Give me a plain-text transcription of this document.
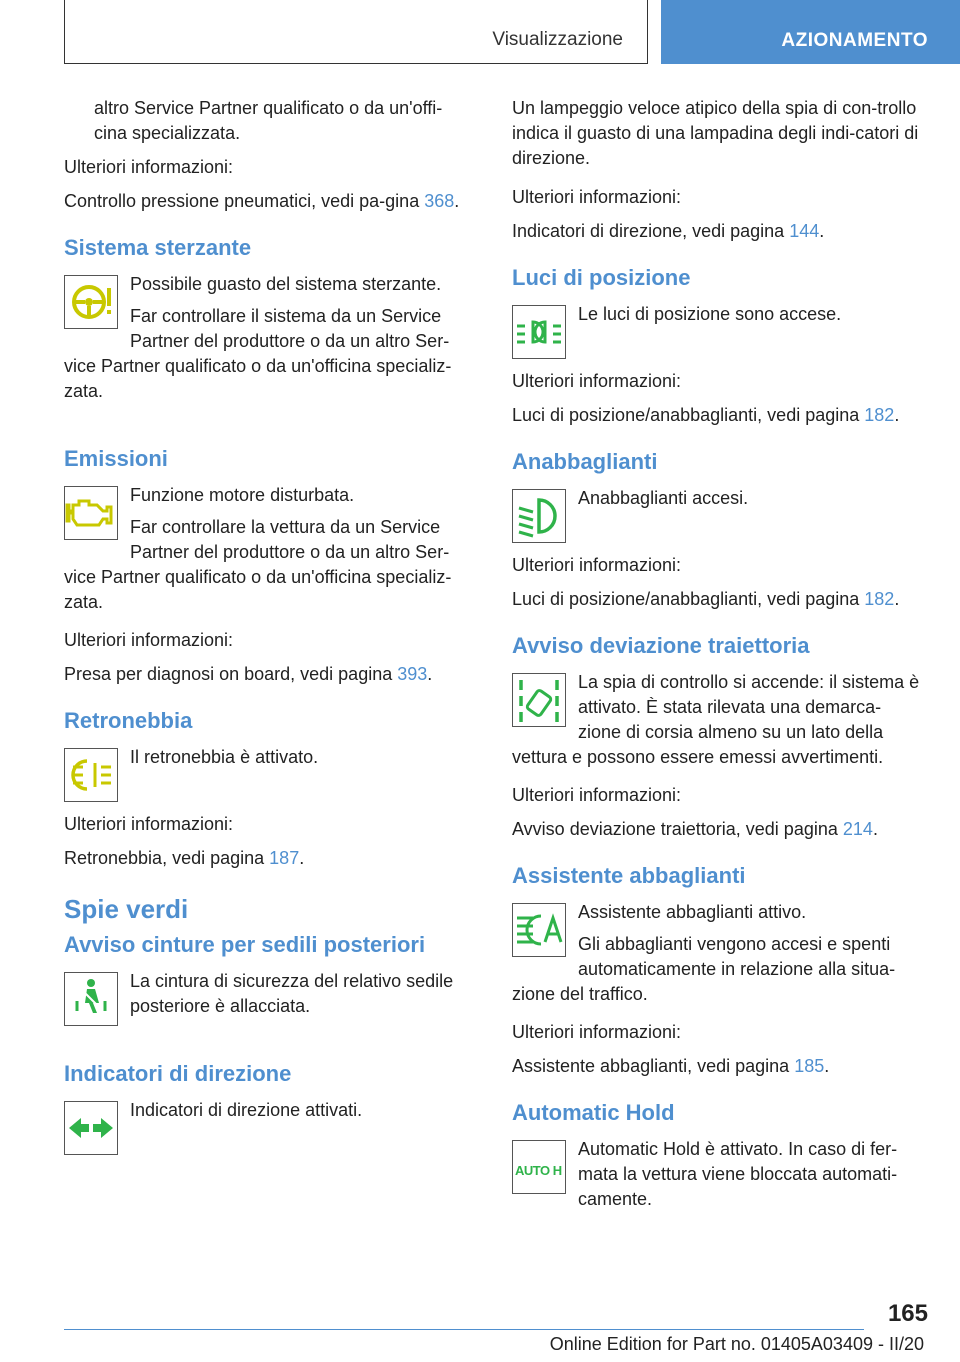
Visualizzazione	AZIONAMENTO

altro Service Partner qualificato o da un'offi-
cina specializzata.

Ulteriori informazioni:

Controllo pressione pneumatici, vedi pa-gina 368.

Sistema sterzante

Possibile guasto del sistema sterzante.

Far controllare il sistema da un Service Partner del produttore o da un altro Ser-vice Partner qualificato o da un'officina specializ-zata.

Emissioni

Funzione motore disturbata.

Far controllare la vettura da un Service Partner del produttore o da un altro Ser-vice Partner qualificato o da un'officina specializ-zata.

Ulteriori informazioni:

Presa per diagnosi on board, vedi pagina 393.

Retronebbia

Il retronebbia è attivato.

Ulteriori informazioni:

Retronebbia, vedi pagina 187.

Spie verdi
Avviso cinture per sedili posteriori

La cintura di sicurezza del relativo sedile posteriore è allacciata.

Indicatori di direzione

Indicatori di direzione attivati.

Un lampeggio veloce atipico della spia di con-trollo indica il guasto di una lampadina degli indi-catori di direzione.

Ulteriori informazioni:

Indicatori di direzione, vedi pagina 144.

Luci di posizione

Le luci di posizione sono accese.

Ulteriori informazioni:

Luci di posizione/anabbaglianti, vedi pagina 182.

Anabbaglianti

Anabbaglianti accesi.

Ulteriori informazioni:

Luci di posizione/anabbaglianti, vedi pagina 182.

Avviso deviazione traiettoria

La spia di controllo si accende: il sistema è attivato. È stata rilevata una demarca-zione di corsia almeno su un lato della vettura e possono essere emessi avvertimenti.

Ulteriori informazioni:

Avviso deviazione traiettoria, vedi pagina 214.

Assistente abbaglianti

Assistente abbaglianti attivo.

Gli abbaglianti vengono accesi e spenti automaticamente in relazione alla situa-zione del traffico.

Ulteriori informazioni:

Assistente abbaglianti, vedi pagina 185.

Automatic Hold
AUTO H

Automatic Hold è attivato. In caso di fer-mata la vettura viene bloccata automati-camente.

165
Online Edition for Part no. 01405A03409 - II/20
